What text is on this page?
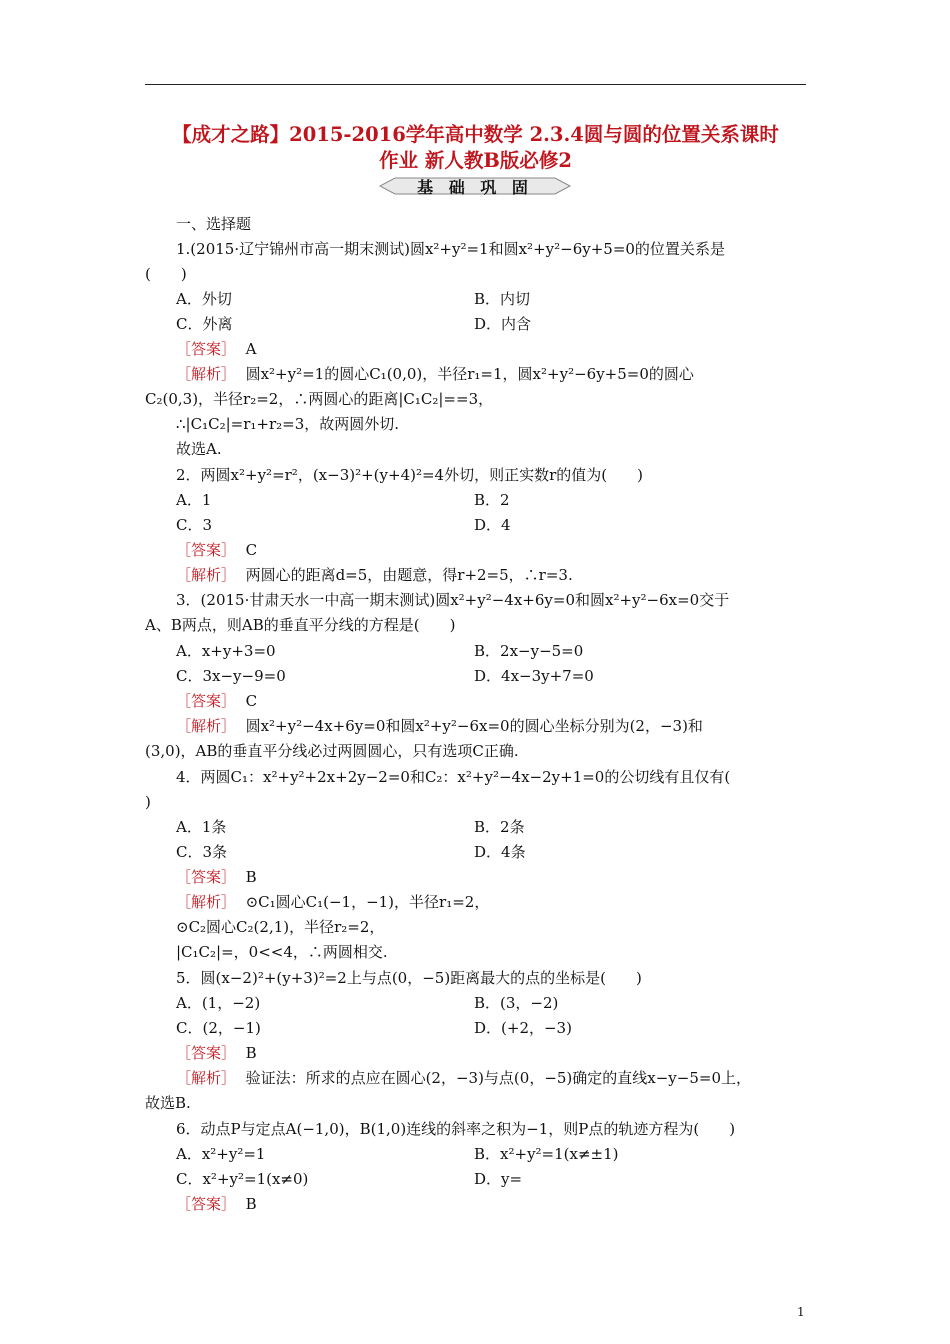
【成才之路】2015-2016学年高中数学 2.3.4圆与圆的位置关系课时
作业 新人教B版必修2
基 础 巩 固
一、选择题
1.(2015·辽宁锦州市高一期末测试)圆x²+y²=1和圆x²+y²−6y+5=0的位置关系是
(　　)
A．外切	B．内切
C．外离	D．内含
［答案］ A
［解析］ 圆x²+y²=1的圆心C₁(0,0)，半径r₁=1，圆x²+y²−6y+5=0的圆心
C₂(0,3)，半径r₂=2，∴两圆心的距离|C₁C₂|==3，
∴|C₁C₂|=r₁+r₂=3，故两圆外切.
故选A.
2．两圆x²+y²=r²，(x−3)²+(y+4)²=4外切，则正实数r的值为(　　)
A．1	B．2
C．3	D．4
［答案］ C
［解析］ 两圆心的距离d=5，由题意，得r+2=5，∴r=3.
3．(2015·甘肃天水一中高一期末测试)圆x²+y²−4x+6y=0和圆x²+y²−6x=0交于
A、B两点，则AB的垂直平分线的方程是(　　)
A．x+y+3=0	B．2x−y−5=0
C．3x−y−9=0	D．4x−3y+7=0
［答案］ C
［解析］ 圆x²+y²−4x+6y=0和圆x²+y²−6x=0的圆心坐标分别为(2，−3)和
(3,0)，AB的垂直平分线必过两圆圆心，只有选项C正确.
4．两圆C₁：x²+y²+2x+2y−2=0和C₂：x²+y²−4x−2y+1=0的公切线有且仅有(
)
A．1条	B．2条
C．3条	D．4条
［答案］ B
［解析］ ⊙C₁圆心C₁(−1，−1)，半径r₁=2，
⊙C₂圆心C₂(2,1)，半径r₂=2，
|C₁C₂|=，0<<4，∴两圆相交.
5．圆(x−2)²+(y+3)²=2上与点(0，−5)距离最大的点的坐标是(　　)
A．(1，−2)	B．(3，−2)
C．(2，−1)	D．(+2，−3)
［答案］ B
［解析］ 验证法：所求的点应在圆心(2，−3)与点(0，−5)确定的直线x−y−5=0上，
故选B.
6．动点P与定点A(−1,0)，B(1,0)连线的斜率之积为−1，则P点的轨迹方程为(　　)
A．x²+y²=1	B．x²+y²=1(x≠±1)
C．x²+y²=1(x≠0)	D．y=
［答案］ B
1
